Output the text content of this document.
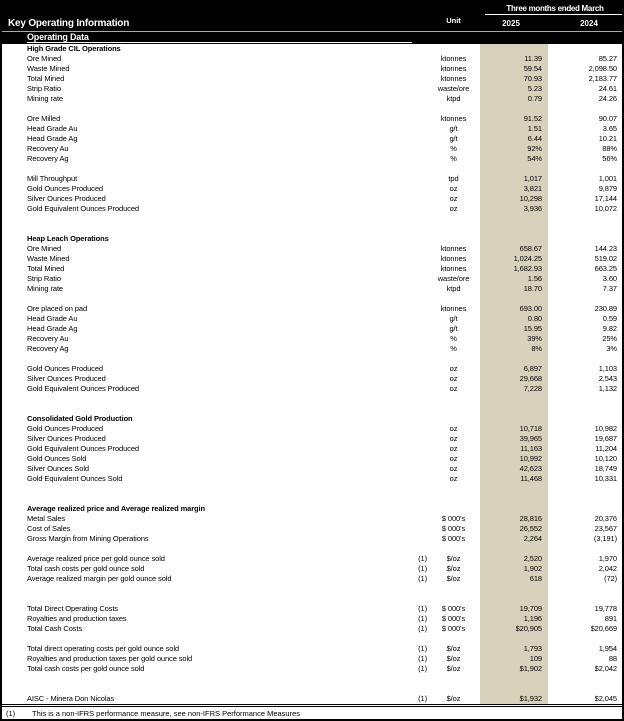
Key Operating Information
Three months ended March
Unit	2025	2024
Operating Data
High Grade CIL Operations
Ore Mined	ktonnes	11.39	85.27
Waste Mined	ktonnes	59.54	2,098.50
Total Mined	ktonnes	70.93	2,183.77
Strip Ratio	waste/ore	5.23	24.61
Mining rate	ktpd	0.79	24.26
Ore Milled	ktonnes	91.52	90.07
Head Grade Au	g/t	1.51	3.65
Head Grade Ag	g/t	6.44	10.21
Recovery Au	%	92%	88%
Recovery Ag	%	54%	56%
Mill Throughput	tpd	1,017	1,001
Gold Ounces Produced	oz	3,821	9,879
Silver Ounces Produced	oz	10,298	17,144
Gold Equivalent Ounces Produced	oz	3,936	10,072
Heap Leach Operations
Ore Mined	ktonnes	658.67	144.23
Waste Mined	ktonnes	1,024.25	519.02
Total Mined	ktonnes	1,682.93	663.25
Strip Ratio	waste/ore	1.56	3.60
Mining rate	ktpd	18.70	7.37
Ore placed on pad	ktonnes	693.00	230.89
Head Grade Au	g/t	0.80	0.59
Head Grade Ag	g/t	15.95	9.82
Recovery Au	%	39%	25%
Recovery Ag	%	8%	3%
Gold Ounces Produced	oz	6,897	1,103
Silver Ounces Produced	oz	29,668	2,543
Gold Equivalent Ounces Produced	oz	7,228	1,132
Consolidated Gold Production
Gold Ounces Produced	oz	10,718	10,982
Silver Ounces Produced	oz	39,965	19,687
Gold Equivalent Ounces Produced	oz	11,163	11,204
Gold Ounces Sold	oz	10,992	10,120
Silver Ounces Sold	oz	42,623	18,749
Gold Equivalent Ounces Sold	oz	11,468	10,331
Average realized price and Average realized margin
Metal Sales	$ 000's	28,816	20,376
Cost of Sales	$ 000's	26,552	23,567
Gross Margin from Mining Operations	$ 000's	2,264	(3,191)
Average realized price per gold ounce sold	(1)	$/oz	2,520	1,970
Total cash costs per gold ounce sold	(1)	$/oz	1,902	2,042
Average realized margin per gold ounce sold	(1)	$/oz	618	(72)
Total Direct Operating Costs	(1)	$ 000's	19,709	19,778
Royalties and production taxes	(1)	$ 000's	1,196	891
Total Cash Costs	(1)	$ 000's	$20,905	$20,669
Total direct operating costs per gold ounce sold	(1)	$/oz	1,793	1,954
Royalties and production taxes per gold ounce sold	(1)	$/oz	109	88
Total cash costs per gold ounce sold	(1)	$/oz	$1,902	$2,042
AISC - Minera Don Nicolas	(1)	$/oz	$1,932	$2,045
(1)	This is a non-IFRS performance measure, see non-IFRS Performance Measures
